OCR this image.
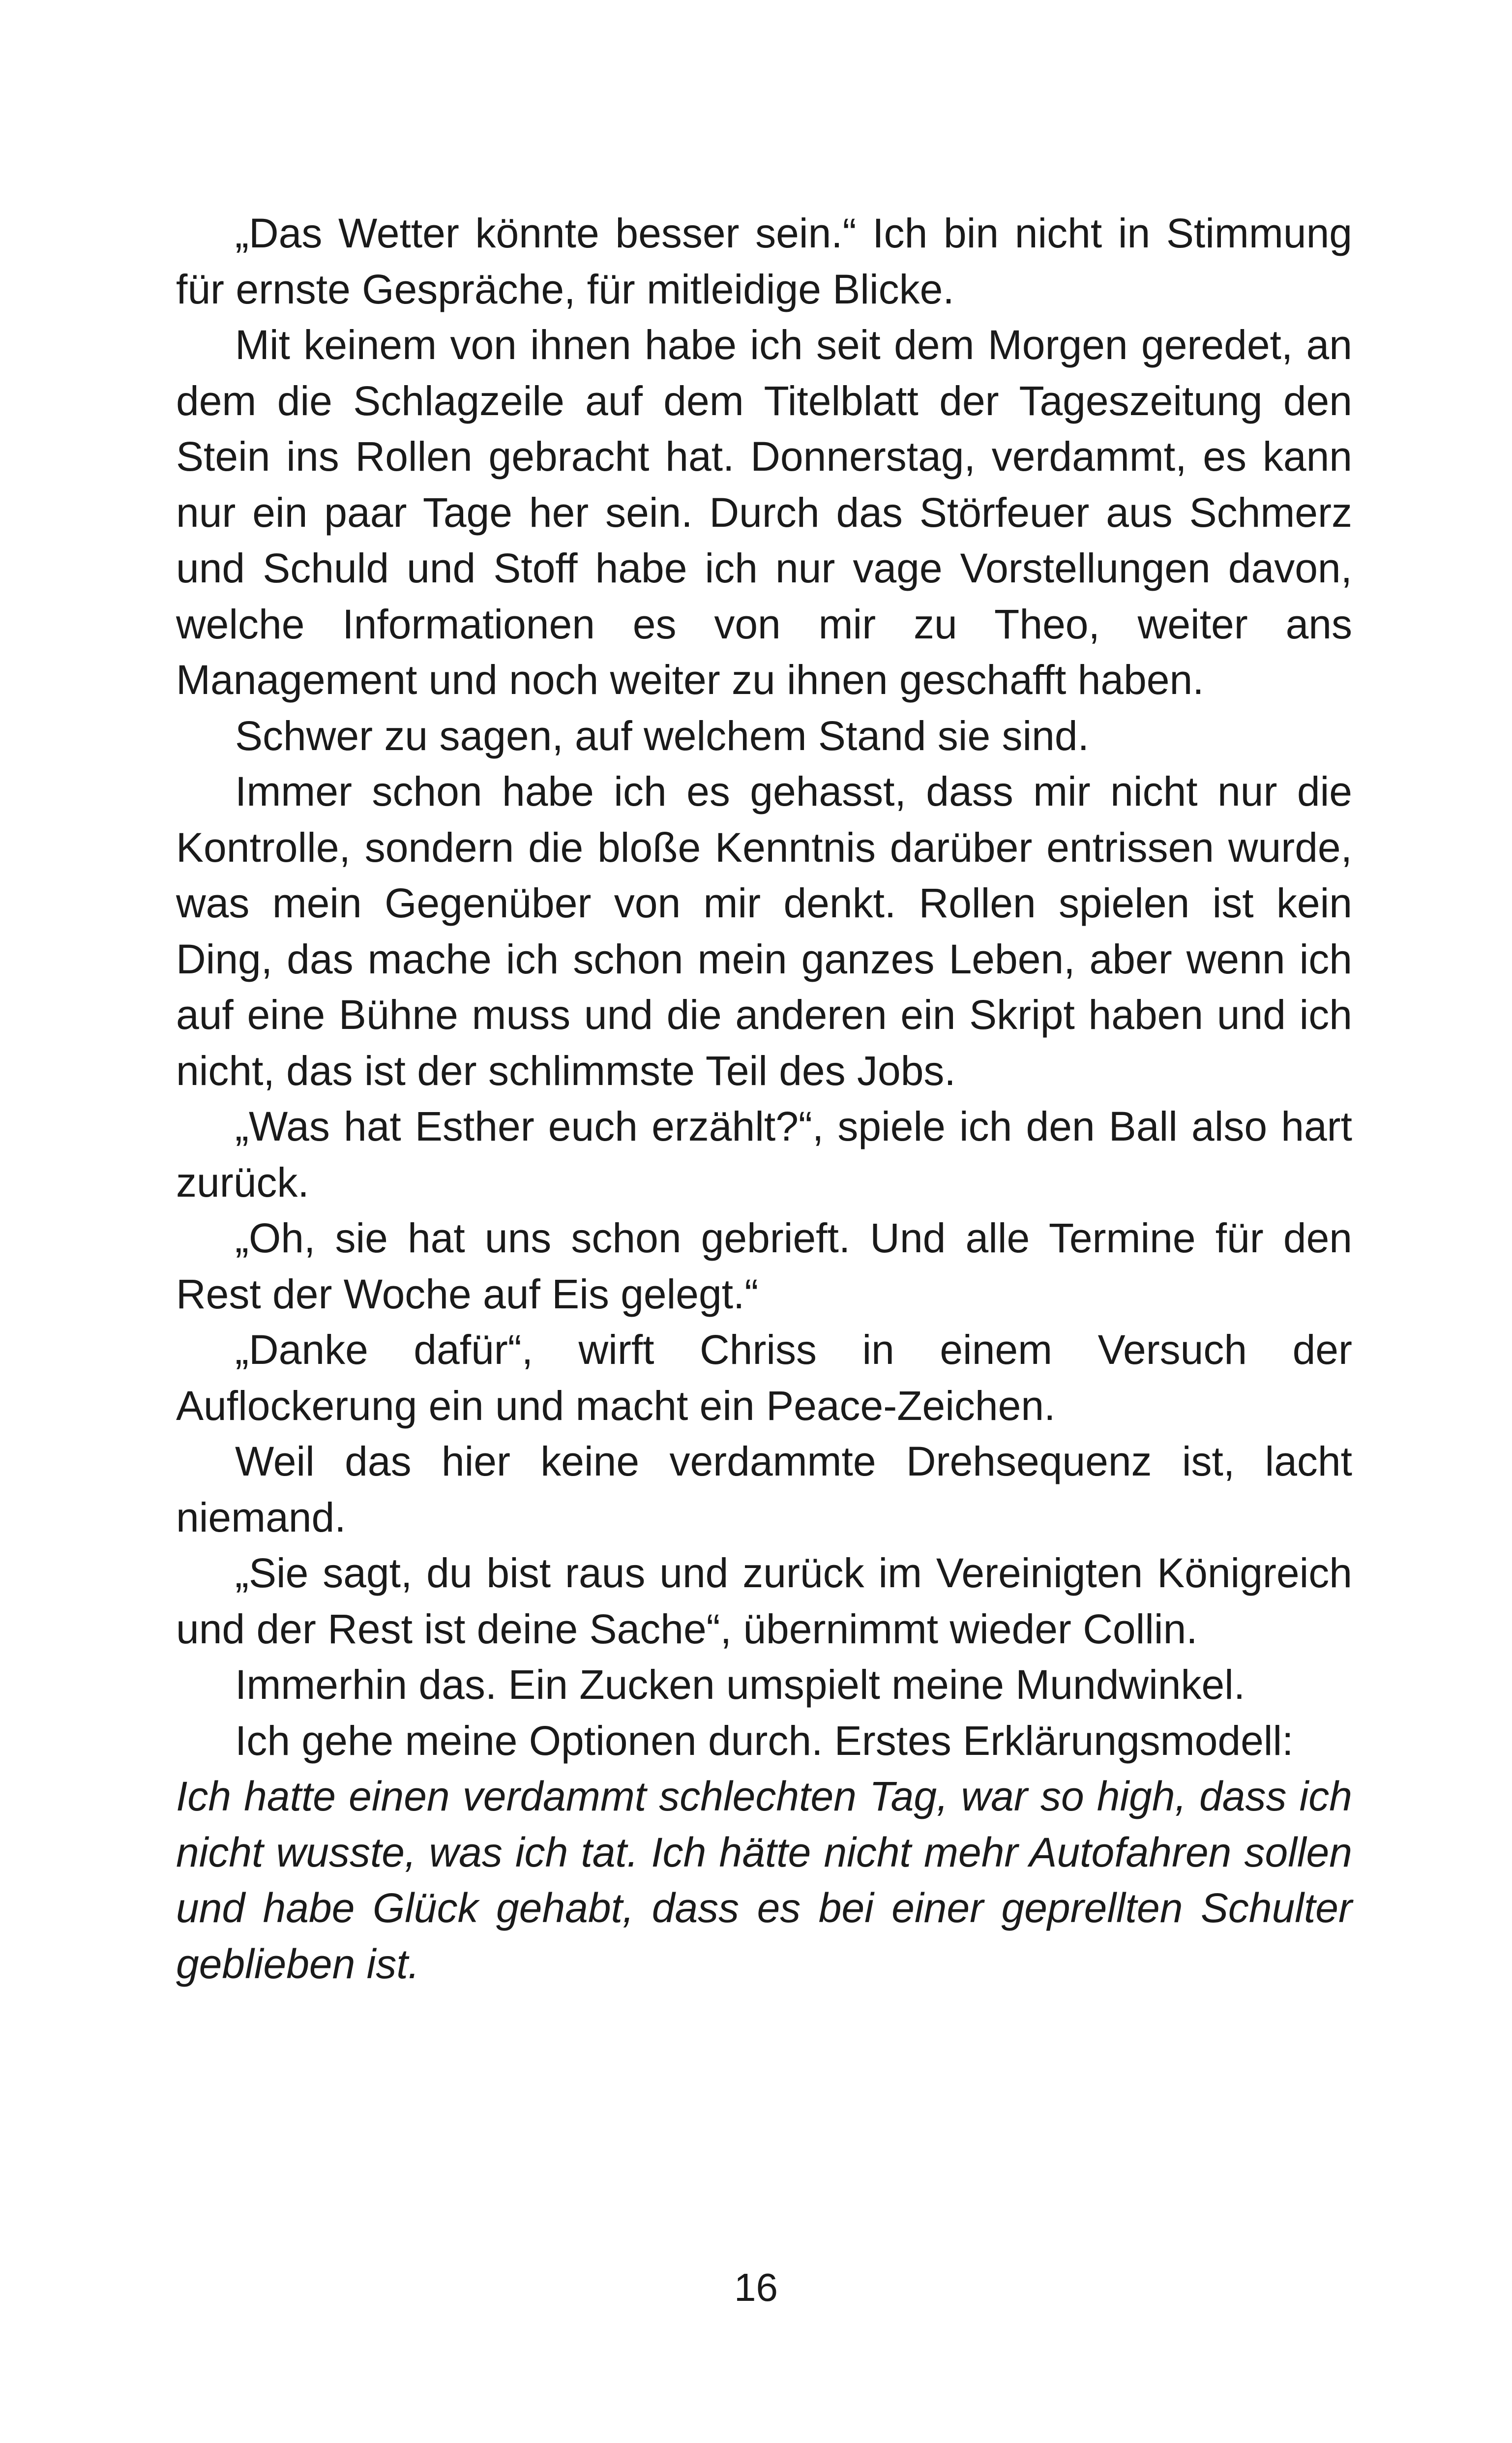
„Das Wetter könnte besser sein.“ Ich bin nicht in Stimmung für ernste Gespräche, für mitleidige Blicke.

Mit keinem von ihnen habe ich seit dem Morgen geredet, an dem die Schlagzeile auf dem Titelblatt der Tageszeitung den Stein ins Rollen gebracht hat. Donnerstag, verdammt, es kann nur ein paar Tage her sein. Durch das Störfeuer aus Schmerz und Schuld und Stoff habe ich nur vage Vorstellungen davon, welche Informationen es von mir zu Theo, weiter ans Management und noch weiter zu ihnen geschafft haben.

Schwer zu sagen, auf welchem Stand sie sind.

Immer schon habe ich es gehasst, dass mir nicht nur die Kontrolle, sondern die bloße Kenntnis darüber entrissen wurde, was mein Gegenüber von mir denkt. Rollen spielen ist kein Ding, das mache ich schon mein ganzes Leben, aber wenn ich auf eine Bühne muss und die anderen ein Skript haben und ich nicht, das ist der schlimmste Teil des Jobs.

„Was hat Esther euch erzählt?“, spiele ich den Ball also hart zurück.

„Oh, sie hat uns schon gebrieft. Und alle Termine für den Rest der Woche auf Eis gelegt.“

„Danke dafür“, wirft Chriss in einem Versuch der Auflockerung ein und macht ein Peace-Zeichen.

Weil das hier keine verdammte Drehsequenz ist, lacht niemand.

„Sie sagt, du bist raus und zurück im Vereinigten Königreich und der Rest ist deine Sache“, übernimmt wieder Collin.

Immerhin das. Ein Zucken umspielt meine Mundwinkel.

Ich gehe meine Optionen durch. Erstes Erklärungsmodell:

Ich hatte einen verdammt schlechten Tag, war so high, dass ich nicht wusste, was ich tat. Ich hätte nicht mehr Autofahren sollen und habe Glück gehabt, dass es bei einer geprellten Schulter geblieben ist.

16
